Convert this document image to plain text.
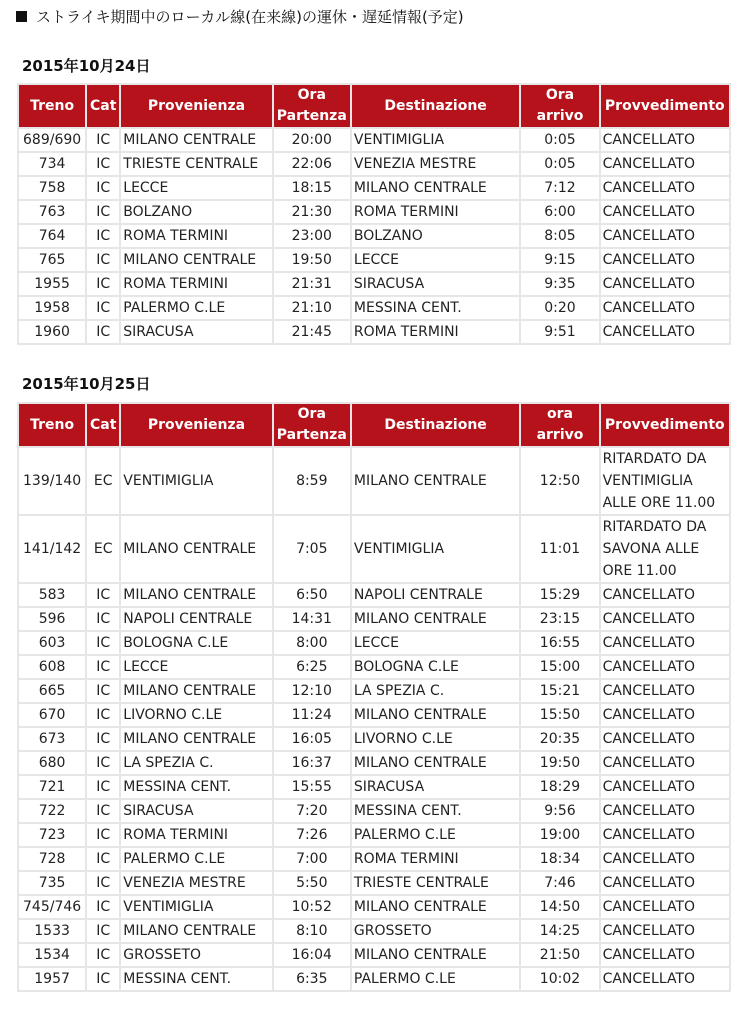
ストライキ期間中のローカル線(在来線)の運休・遅延情報(予定)
2015年10月24日
Treno	Cat	Provenienza	Ora Partenza	Destinazione	Ora arrivo	Provvedimento
689/690	IC	MILANO CENTRALE	20:00	VENTIMIGLIA	0:05	CANCELLATO
734	IC	TRIESTE CENTRALE	22:06	VENEZIA MESTRE	0:05	CANCELLATO
758	IC	LECCE	18:15	MILANO CENTRALE	7:12	CANCELLATO
763	IC	BOLZANO	21:30	ROMA TERMINI	6:00	CANCELLATO
764	IC	ROMA TERMINI	23:00	BOLZANO	8:05	CANCELLATO
765	IC	MILANO CENTRALE	19:50	LECCE	9:15	CANCELLATO
1955	IC	ROMA TERMINI	21:31	SIRACUSA	9:35	CANCELLATO
1958	IC	PALERMO C.LE	21:10	MESSINA CENT.	0:20	CANCELLATO
1960	IC	SIRACUSA	21:45	ROMA TERMINI	9:51	CANCELLATO
2015年10月25日
Treno	Cat	Provenienza	Ora Partenza	Destinazione	ora arrivo	Provvedimento
139/140	EC	VENTIMIGLIA	8:59	MILANO CENTRALE	12:50	RITARDATO DA VENTIMIGLIA ALLE ORE 11.00
141/142	EC	MILANO CENTRALE	7:05	VENTIMIGLIA	11:01	RITARDATO DA SAVONA ALLE ORE 11.00
583	IC	MILANO CENTRALE	6:50	NAPOLI CENTRALE	15:29	CANCELLATO
596	IC	NAPOLI CENTRALE	14:31	MILANO CENTRALE	23:15	CANCELLATO
603	IC	BOLOGNA C.LE	8:00	LECCE	16:55	CANCELLATO
608	IC	LECCE	6:25	BOLOGNA C.LE	15:00	CANCELLATO
665	IC	MILANO CENTRALE	12:10	LA SPEZIA C.	15:21	CANCELLATO
670	IC	LIVORNO C.LE	11:24	MILANO CENTRALE	15:50	CANCELLATO
673	IC	MILANO CENTRALE	16:05	LIVORNO C.LE	20:35	CANCELLATO
680	IC	LA SPEZIA C.	16:37	MILANO CENTRALE	19:50	CANCELLATO
721	IC	MESSINA CENT.	15:55	SIRACUSA	18:29	CANCELLATO
722	IC	SIRACUSA	7:20	MESSINA CENT.	9:56	CANCELLATO
723	IC	ROMA TERMINI	7:26	PALERMO C.LE	19:00	CANCELLATO
728	IC	PALERMO C.LE	7:00	ROMA TERMINI	18:34	CANCELLATO
735	IC	VENEZIA MESTRE	5:50	TRIESTE CENTRALE	7:46	CANCELLATO
745/746	IC	VENTIMIGLIA	10:52	MILANO CENTRALE	14:50	CANCELLATO
1533	IC	MILANO CENTRALE	8:10	GROSSETO	14:25	CANCELLATO
1534	IC	GROSSETO	16:04	MILANO CENTRALE	21:50	CANCELLATO
1957	IC	MESSINA CENT.	6:35	PALERMO C.LE	10:02	CANCELLATO
